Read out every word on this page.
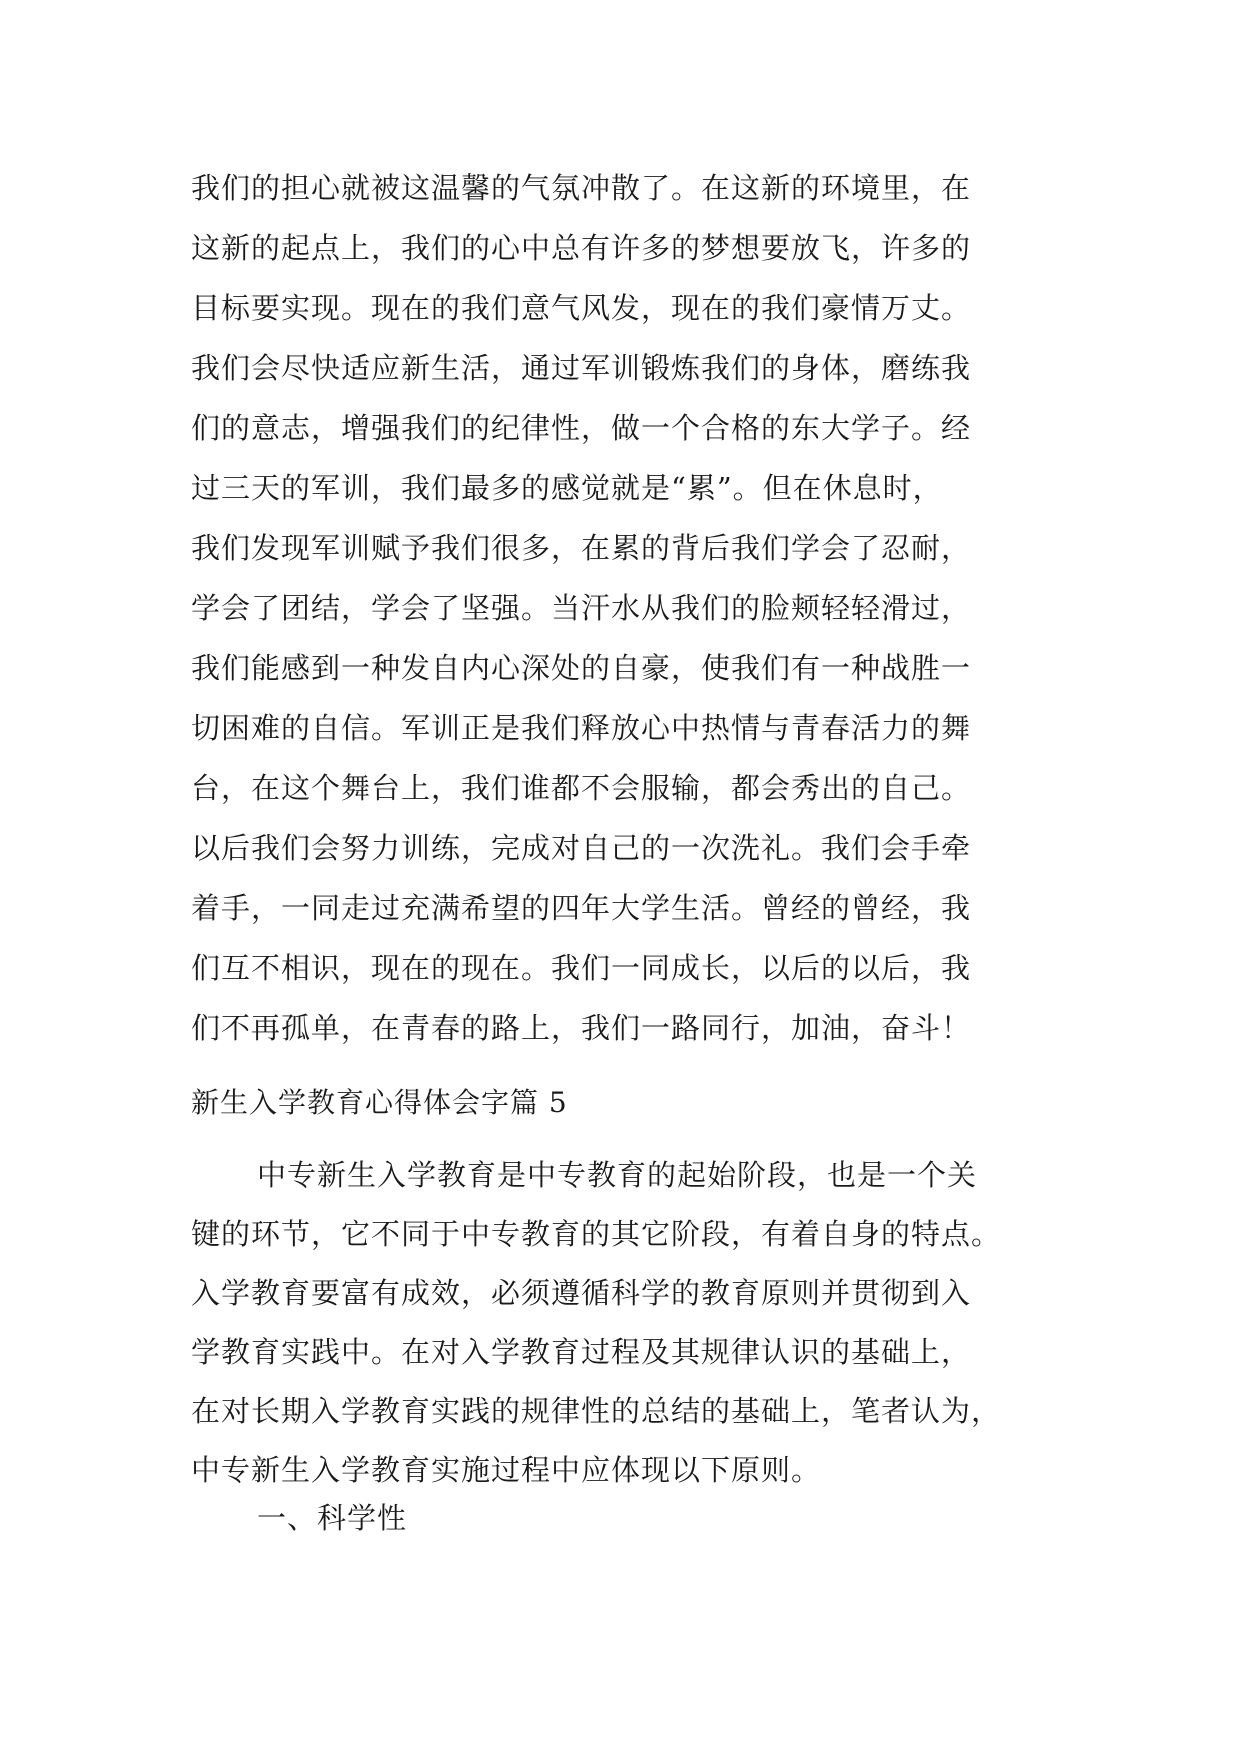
我们的担心就被这温馨的气氛冲散了。在这新的环境里，在
这新的起点上，我们的心中总有许多的梦想要放飞，许多的
目标要实现。现在的我们意气风发，现在的我们豪情万丈。
我们会尽快适应新生活，通过军训锻炼我们的身体，磨练我
们的意志，增强我们的纪律性，做一个合格的东大学子。经
过三天的军训，我们最多的感觉就是“累”。但在休息时，
我们发现军训赋予我们很多，在累的背后我们学会了忍耐，
学会了团结，学会了坚强。当汗水从我们的脸颊轻轻滑过，
我们能感到一种发自内心深处的自豪，使我们有一种战胜一
切困难的自信。军训正是我们释放心中热情与青春活力的舞
台，在这个舞台上，我们谁都不会服输，都会秀出的自己。
以后我们会努力训练，完成对自己的一次洗礼。我们会手牵
着手，一同走过充满希望的四年大学生活。曾经的曾经，我
们互不相识，现在的现在。我们一同成长，以后的以后，我
们不再孤单，在青春的路上，我们一路同行，加油，奋斗！
新生入学教育心得体会字篇 5
中专新生入学教育是中专教育的起始阶段，也是一个关
键的环节，它不同于中专教育的其它阶段，有着自身的特点。
入学教育要富有成效，必须遵循科学的教育原则并贯彻到入
学教育实践中。在对入学教育过程及其规律认识的基础上，
在对长期入学教育实践的规律性的总结的基础上，笔者认为，
中专新生入学教育实施过程中应体现以下原则。
一、科学性
